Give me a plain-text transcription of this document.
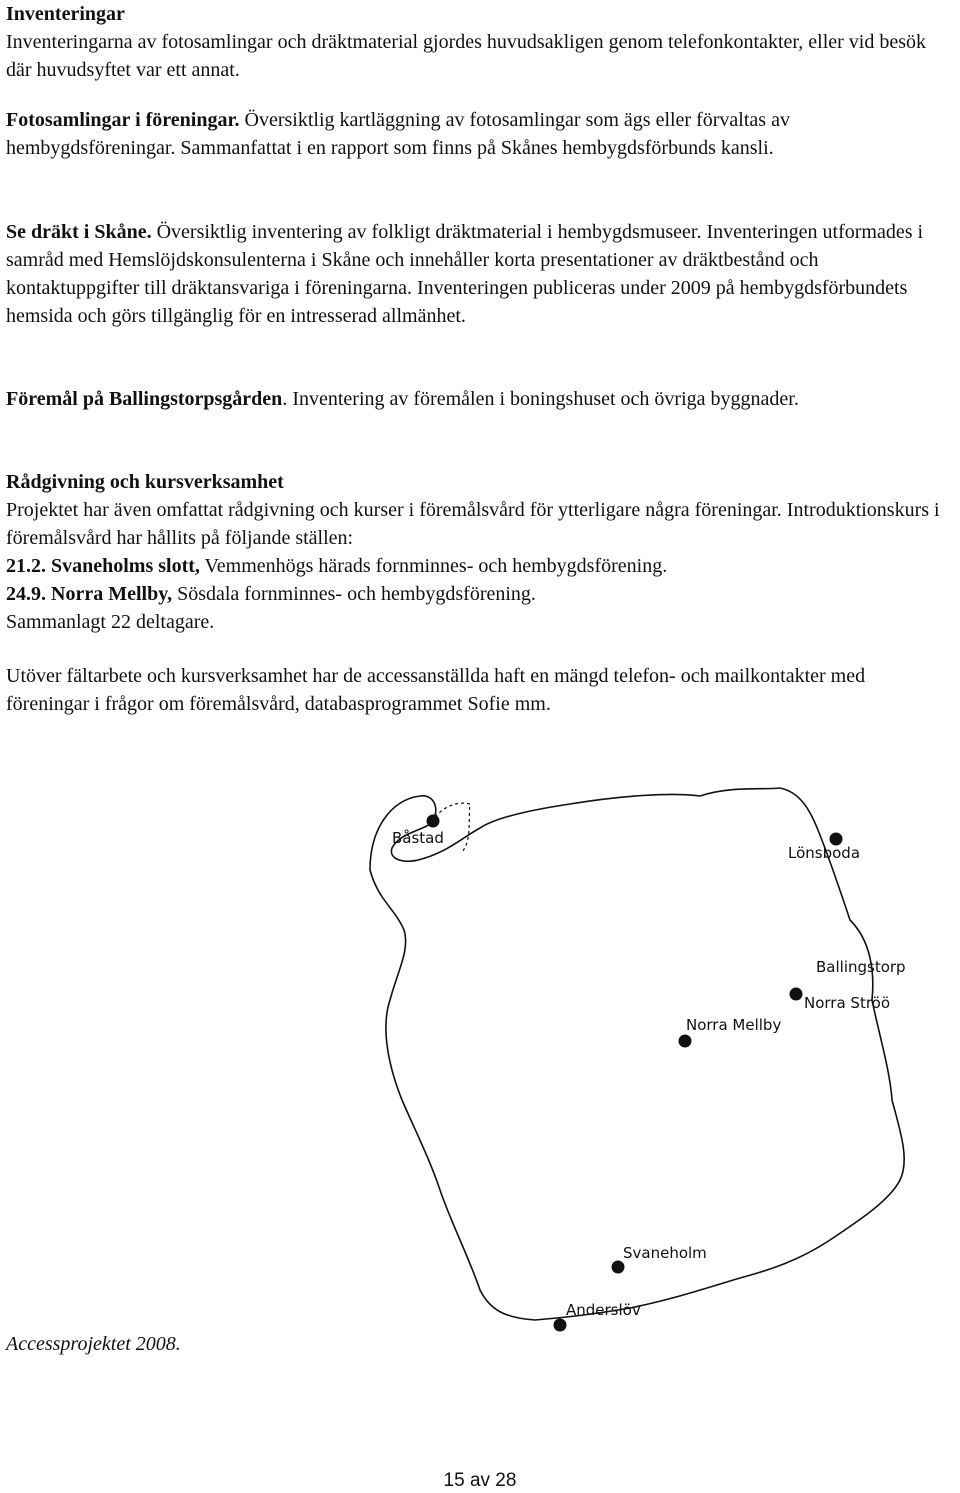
Inventeringar

Inventeringarna av fotosamlingar och dräktmaterial gjordes huvudsakligen genom telefonkontakter, eller vid besök där huvudsyftet var ett annat.

Fotosamlingar i föreningar. Översiktlig kartläggning av fotosamlingar som ägs eller förvaltas av hembygdsföreningar. Sammanfattat i en rapport som finns på Skånes hembygdsförbunds kansli.

Se dräkt i Skåne. Översiktlig inventering av folkligt dräktmaterial i hembygdsmuseer. Inventeringen utformades i samråd med Hemslöjdskonsulenterna i Skåne och innehåller korta presentationer av dräktbestånd och kontaktuppgifter till dräktansvariga i föreningarna. Inventeringen publiceras under 2009 på hembygdsförbundets hemsida och görs tillgänglig för en intresserad allmänhet.

Föremål på Ballingstorpsgården. Inventering av föremålen i boningshuset och övriga byggnader.

Rådgivning och kursverksamhet

Projektet har även omfattat rådgivning och kurser i föremålsvård för ytterligare några föreningar. Introduktionskurs i föremålsvård har hållits på följande ställen:

21.2. Svaneholms slott, Vemmenhögs härads fornminnes- och hembygdsförening.

24.9. Norra Mellby, Sösdala fornminnes- och hembygdsförening.

Sammanlagt 22 deltagare.

Utöver fältarbete och kursverksamhet har de accessanställda haft en mängd telefon- och mailkontakter med föreningar i frågor om föremålsvård, databasprogrammet Sofie mm.

Båstad
Lönsboda
Ballingstorp
Norra Ströö
Norra Mellby
Svaneholm
Anderslöv
Accessprojektet 2008.
15 av 28
